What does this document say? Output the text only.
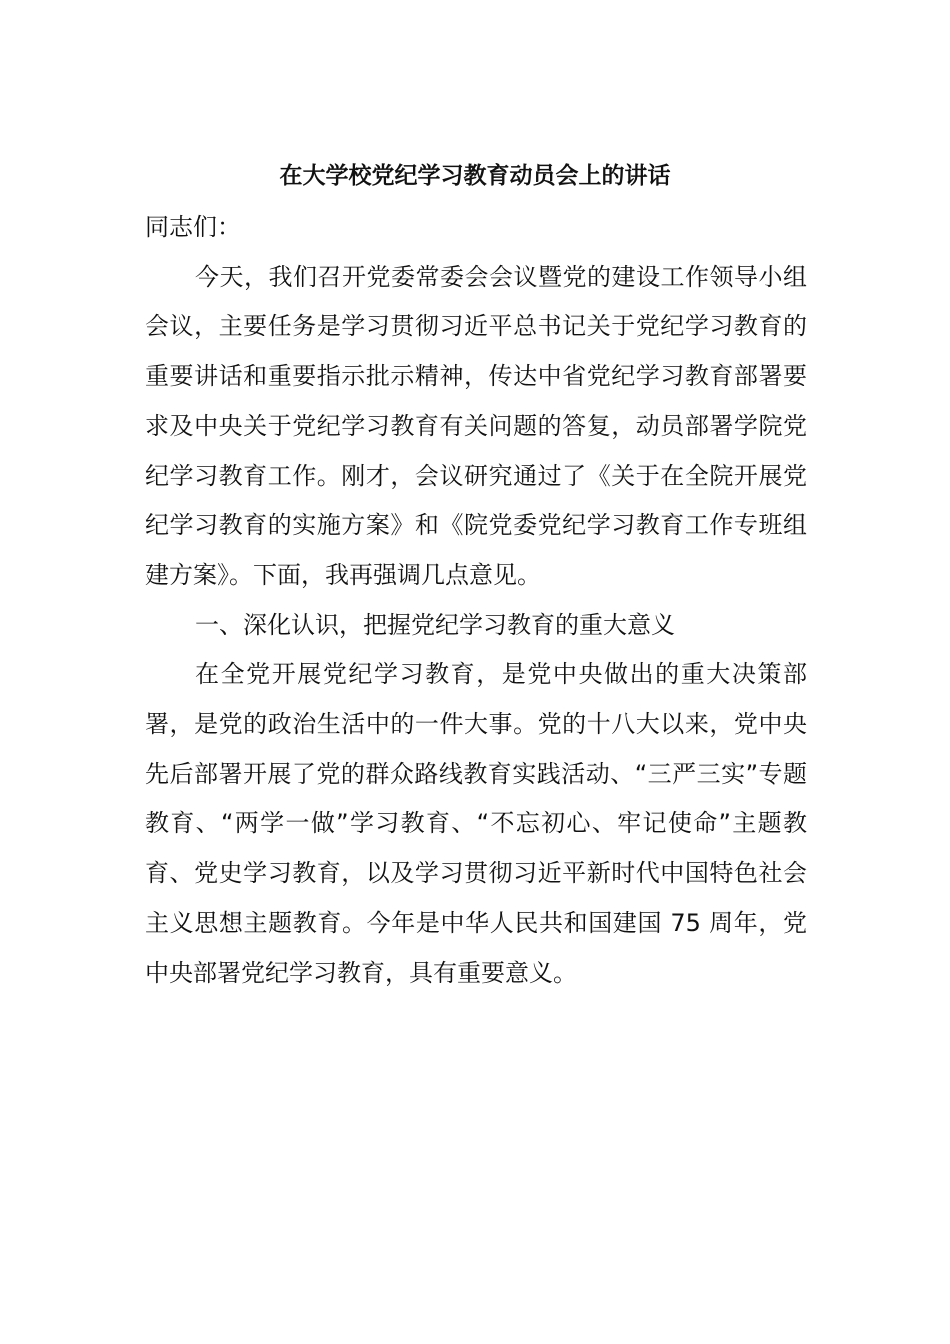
在大学校党纪学习教育动员会上的讲话

同志们：

今天，我们召开党委常委会会议暨党的建设工作领导小组会议，主要任务是学习贯彻习近平总书记关于党纪学习教育的重要讲话和重要指示批示精神，传达中省党纪学习教育部署要求及中央关于党纪学习教育有关问题的答复，动员部署学院党纪学习教育工作。刚才，会议研究通过了《关于在全院开展党纪学习教育的实施方案》和《院党委党纪学习教育工作专班组建方案》。下面，我再强调几点意见。

一、深化认识，把握党纪学习教育的重大意义

在全党开展党纪学习教育，是党中央做出的重大决策部署，是党的政治生活中的一件大事。党的十八大以来，党中央先后部署开展了党的群众路线教育实践活动、“三严三实”专题教育、“两学一做”学习教育、“不忘初心、牢记使命”主题教育、党史学习教育，以及学习贯彻习近平新时代中国特色社会主义思想主题教育。今年是中华人民共和国建国 75 周年，党中央部署党纪学习教育，具有重要意义。
